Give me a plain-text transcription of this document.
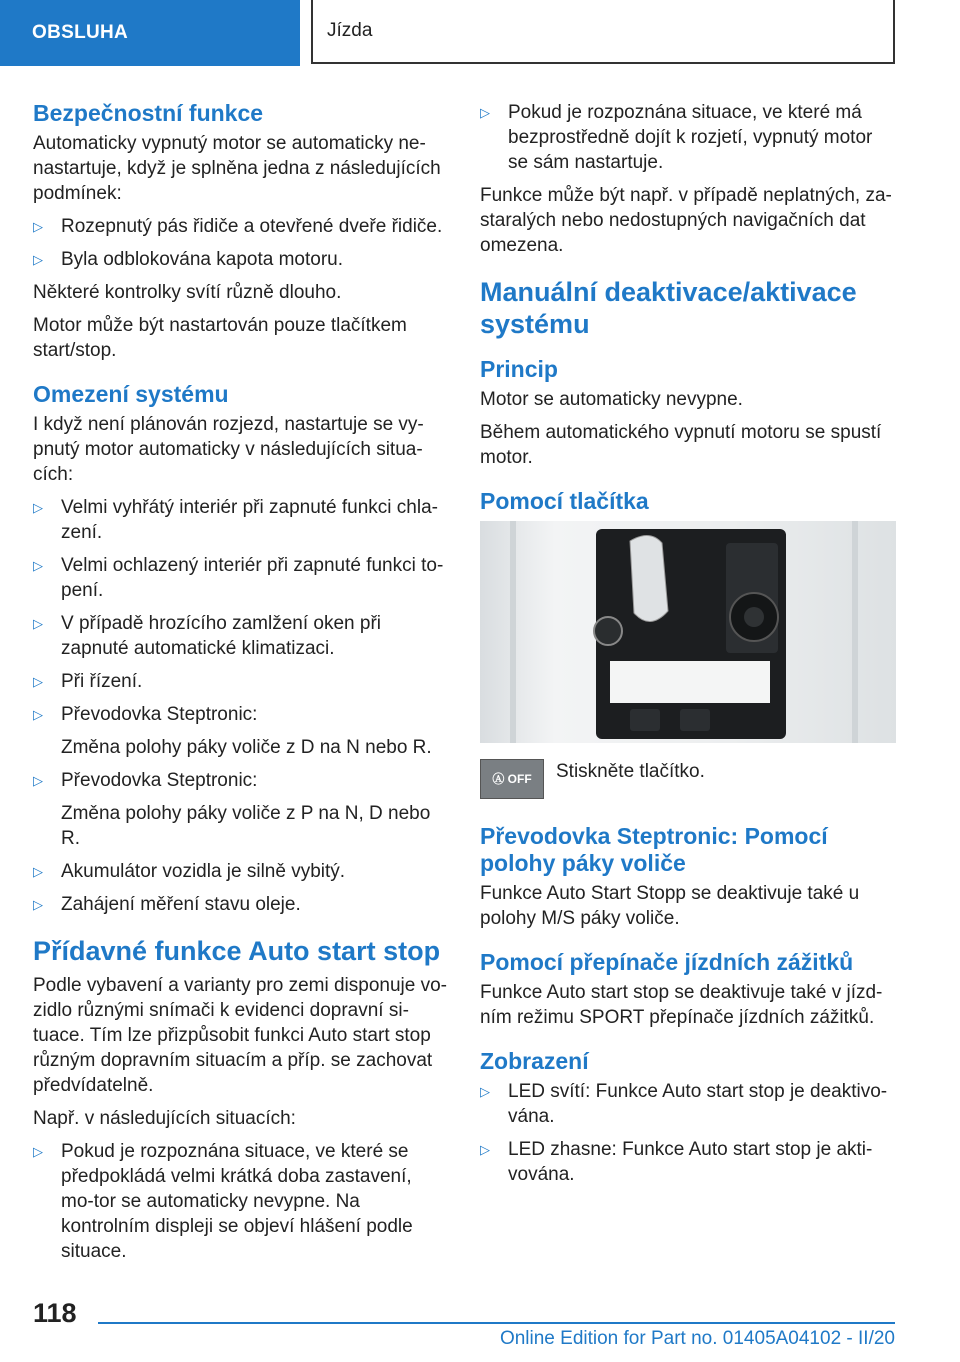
OBSLUHA	Jízda
Bezpečnostní funkce
Automaticky vypnutý motor se automaticky ne-nastartuje, když je splněna jedna z následujících podmínek:
▷ Rozepnutý pás řidiče a otevřené dveře řidiče.
▷ Byla odblokována kapota motoru.
Některé kontrolky svítí různě dlouho.
Motor může být nastartován pouze tlačítkem start/stop.
Omezení systému
I když není plánován rozjezd, nastartuje se vy-pnutý motor automaticky v následujících situa-cích:
▷ Velmi vyhřátý interiér při zapnuté funkci chla-zení.
▷ Velmi ochlazený interiér při zapnuté funkci to-pení.
▷ V případě hrozícího zamlžení oken při zapnuté automatické klimatizaci.
▷ Při řízení.
▷ Převodovka Steptronic:
Změna polohy páky voliče z D na N nebo R.
▷ Převodovka Steptronic:
Změna polohy páky voliče z P na N, D nebo R.
▷ Akumulátor vozidla je silně vybitý.
▷ Zahájení měření stavu oleje.
Přídavné funkce Auto start stop
Podle vybavení a varianty pro zemi disponuje vo-zidlo různými snímači k evidenci dopravní si-tuace. Tím lze přizpůsobit funkci Auto start stop různým dopravním situacím a příp. se zachovat předvídatelně.
Např. v následujících situacích:
▷ Pokud je rozpoznána situace, ve které se předpokládá velmi krátká doba zastavení, mo-tor se automaticky nevypne. Na kontrolním displeji se objeví hlášení podle situace.
▷ Pokud je rozpoznána situace, ve které má bezprostředně dojít k rozjetí, vypnutý motor se sám nastartuje.
Funkce může být např. v případě neplatných, za-staralých nebo nedostupných navigačních dat omezena.
Manuální deaktivace/aktivace systému
Princip
Motor se automaticky nevypne.
Během automatického vypnutí motoru se spustí motor.
Pomocí tlačítka
Ⓐ OFF	Stiskněte tlačítko.
Převodovka Steptronic: Pomocí polohy páky voliče
Funkce Auto Start Stopp se deaktivuje také u polohy M/S páky voliče.
Pomocí přepínače jízdních zážitků
Funkce Auto start stop se deaktivuje také v jízd-ním režimu SPORT přepínače jízdních zážitků.
Zobrazení
▷ LED svítí: Funkce Auto start stop je deaktivo-vána.
▷ LED zhasne: Funkce Auto start stop je akti-vována.
118
Online Edition for Part no. 01405A04102 - II/20
